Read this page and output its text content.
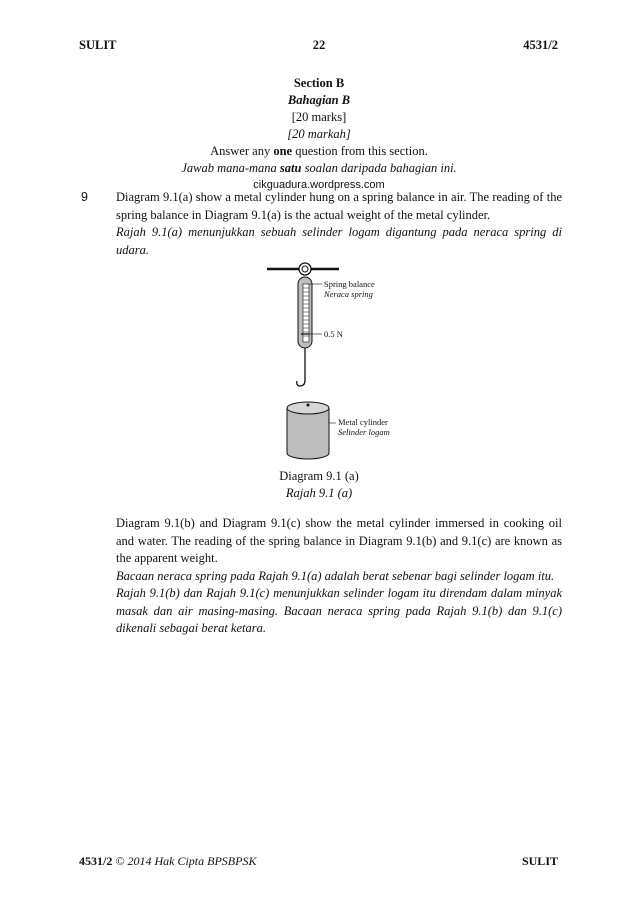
SULIT	22	4531/2
Section B
Bahagian B
[20 marks]
[20 markah]
Answer any one question from this section.
Jawab mana-mana satu soalan daripada bahagian ini.
cikguadura.wordpress.com
9 Diagram 9.1(a) show a metal cylinder hung on a spring balance in air. The reading of the spring balance in Diagram 9.1(a) is the actual weight of the metal cylinder.

Rajah 9.1(a) menunjukkan sebuah selinder logam digantung pada neraca spring di udara.

Spring balance
Neraca spring
0.5 N
Metal cylinder
Selinder logam
Diagram 9.1 (a)
Rajah 9.1 (a)

Diagram 9.1(b) and Diagram 9.1(c) show the metal cylinder immersed in cooking oil and water. The reading of the spring balance in Diagram 9.1(b) and 9.1(c) are known as the apparent weight.

Bacaan neraca spring pada Rajah 9.1(a) adalah berat sebenar bagi selinder logam itu.

Rajah 9.1(b) dan Rajah 9.1(c) menunjukkan selinder logam itu direndam dalam minyak masak dan air masing-masing. Bacaan neraca spring pada Rajah 9.1(b) dan 9.1(c) dikenali sebagai berat ketara.

4531/2 © 2014 Hak Cipta BPSBPSK	SULIT
